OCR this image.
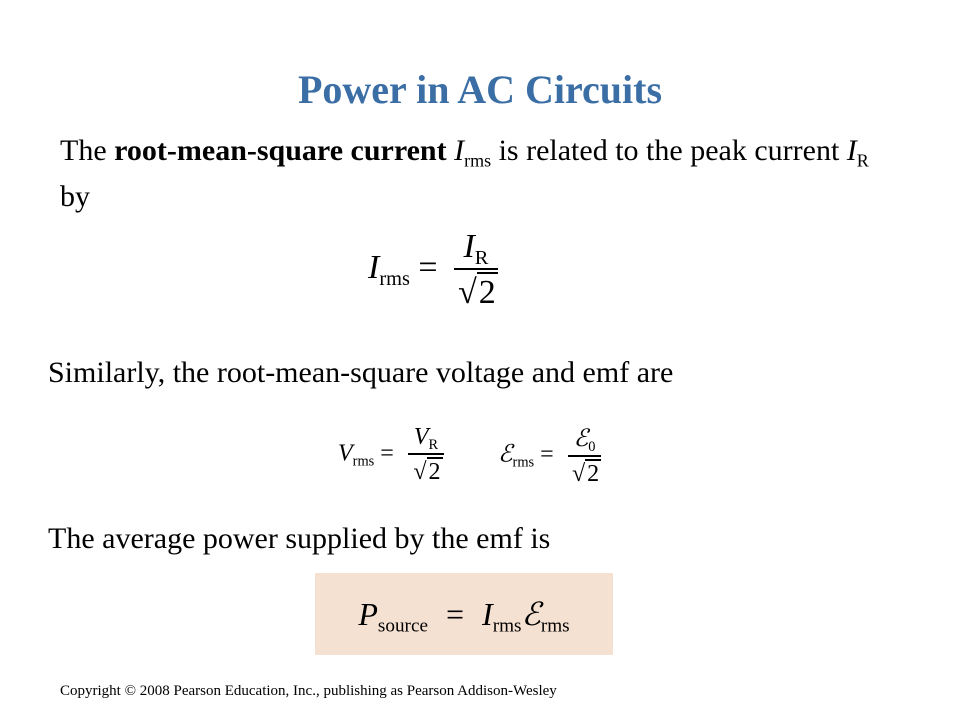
Power in AC Circuits
The root-mean-square current $I_{rms}$ is related to the peak current $I_R$ by
$I_{rms} = \frac{I_R}{√2}$
Similarly, the root-mean-square voltage and emf are
$V_{rms} = \frac{V_R}{√2}$ ℰ$_{rms}$ = $\frac{ℰ_0}{√2}$
The average power supplied by the emf is
$P_{source}$ = $I_{rms}ℰ_{rms}$
Copyright © 2008 Pearson Education, Inc., publishing as Pearson Addison-Wesley
